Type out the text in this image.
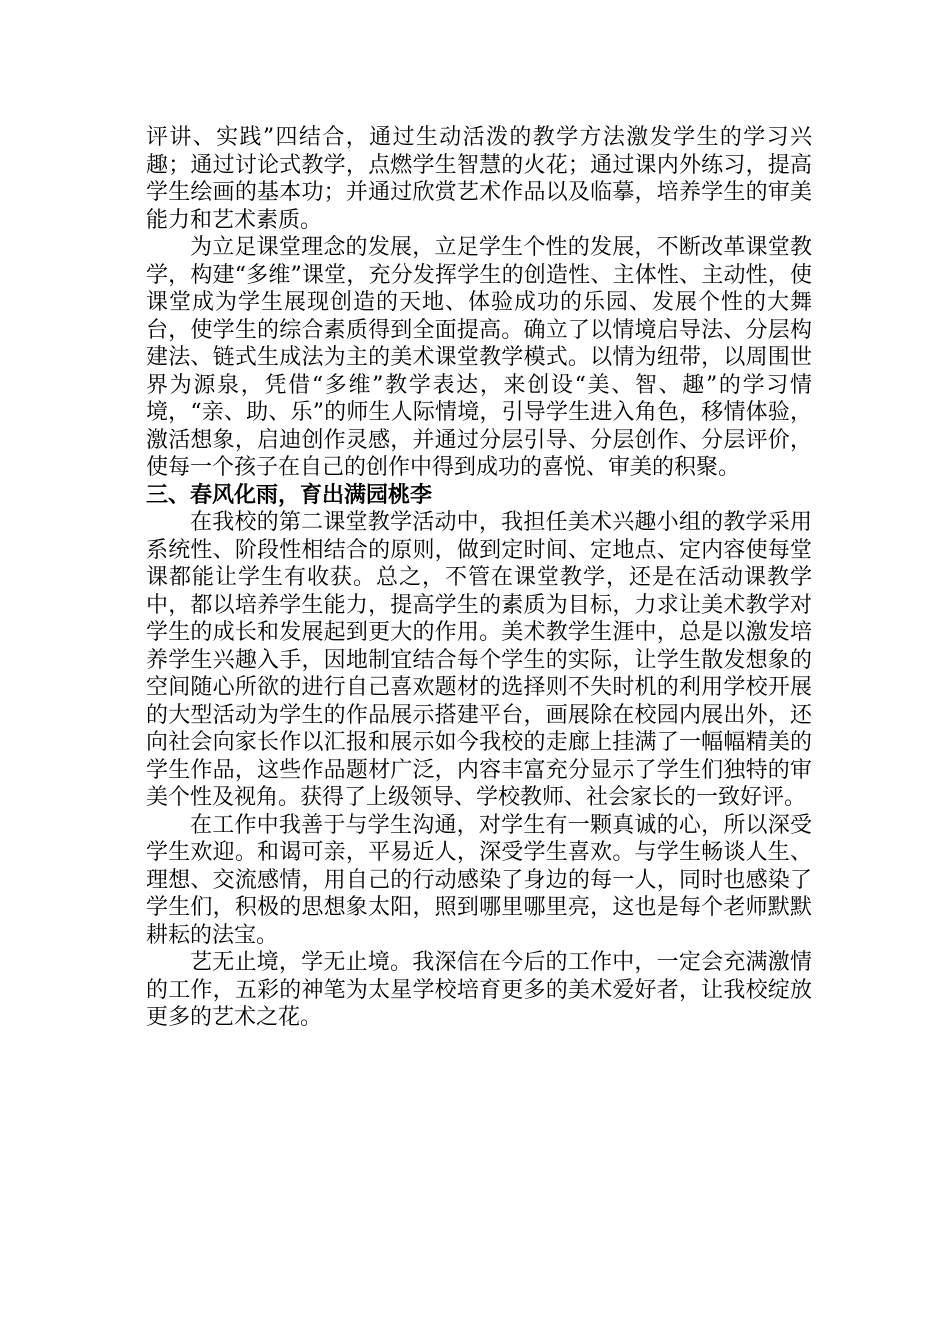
评讲、实践”四结合，通过生动活泼的教学方法激发学生的学习兴趣；通过讨论式教学，点燃学生智慧的火花；通过课内外练习，提高学生绘画的基本功；并通过欣赏艺术作品以及临摹，培养学生的审美能力和艺术素质。

为立足课堂理念的发展，立足学生个性的发展，不断改革课堂教学，构建“多维”课堂，充分发挥学生的创造性、主体性、主动性，使课堂成为学生展现创造的天地、体验成功的乐园、发展个性的大舞台，使学生的综合素质得到全面提高。确立了以情境启导法、分层构建法、链式生成法为主的美术课堂教学模式。以情为纽带，以周围世界为源泉，凭借“多维”教学表达，来创设“美、智、趣”的学习情境，“亲、助、乐”的师生人际情境，引导学生进入角色，移情体验，激活想象，启迪创作灵感，并通过分层引导、分层创作、分层评价，使每一个孩子在自己的创作中得到成功的喜悦、审美的积聚。

三、春风化雨，育出满园桃李

在我校的第二课堂教学活动中，我担任美术兴趣小组的教学采用系统性、阶段性相结合的原则，做到定时间、定地点、定内容使每堂课都能让学生有收获。总之，不管在课堂教学，还是在活动课教学中，都以培养学生能力，提高学生的素质为目标，力求让美术教学对学生的成长和发展起到更大的作用。美术教学生涯中，总是以激发培养学生兴趣入手，因地制宜结合每个学生的实际，让学生散发想象的空间随心所欲的进行自己喜欢题材的选择则不失时机的利用学校开展的大型活动为学生的作品展示搭建平台，画展除在校园内展出外，还向社会向家长作以汇报和展示如今我校的走廊上挂满了一幅幅精美的学生作品，这些作品题材广泛，内容丰富充分显示了学生们独特的审美个性及视角。获得了上级领导、学校教师、社会家长的一致好评。

在工作中我善于与学生沟通，对学生有一颗真诚的心，所以深受学生欢迎。和谒可亲，平易近人，深受学生喜欢。与学生畅谈人生、理想、交流感情，用自己的行动感染了身边的每一人，同时也感染了学生们，积极的思想象太阳，照到哪里哪里亮，这也是每个老师默默耕耘的法宝。

艺无止境，学无止境。我深信在今后的工作中，一定会充满激情的工作，五彩的神笔为太星学校培育更多的美术爱好者，让我校绽放更多的艺术之花。
